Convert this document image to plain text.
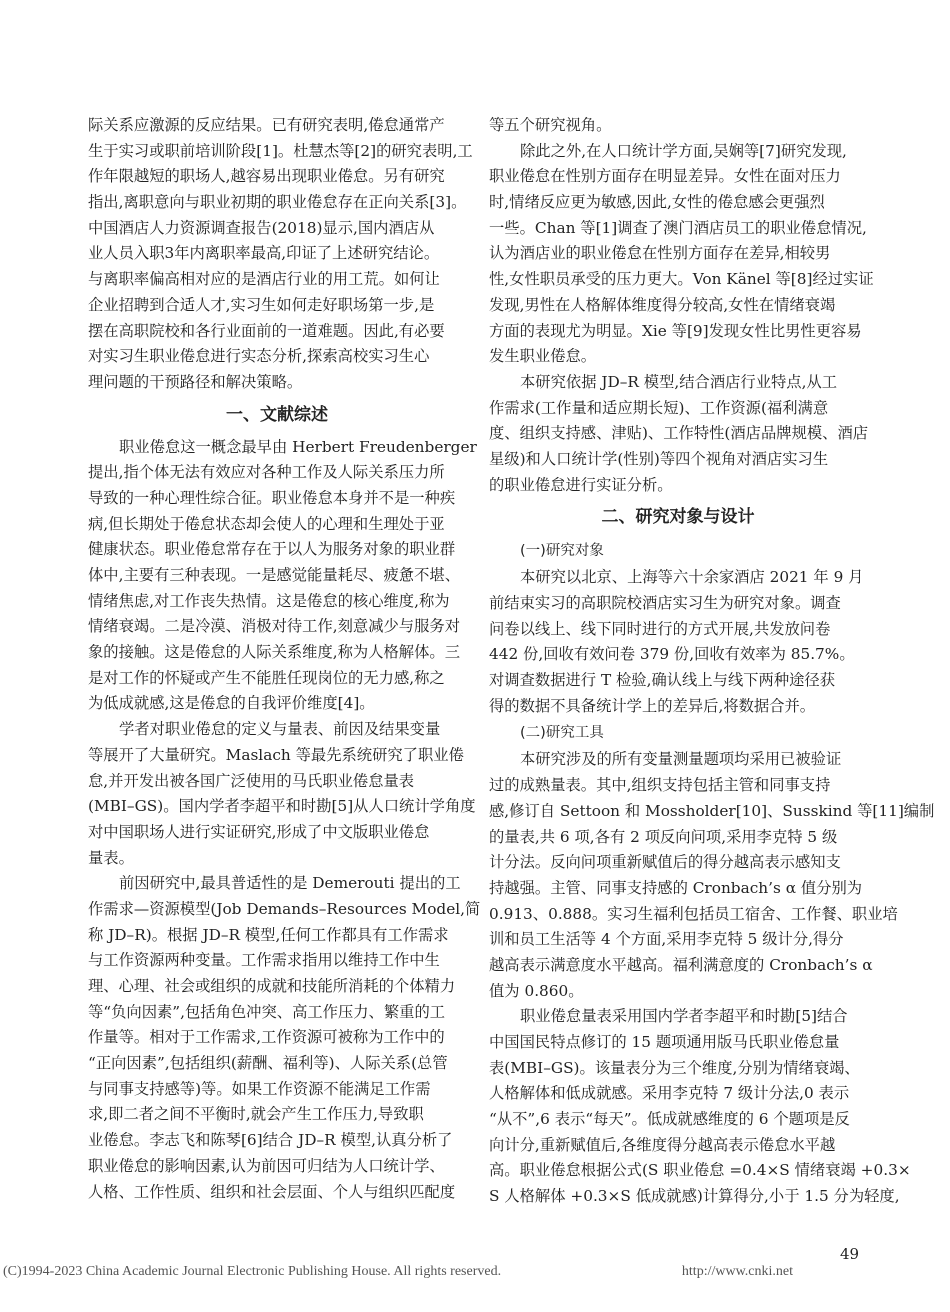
际关系应激源的反应结果。已有研究表明,倦怠通常产
生于实习或职前培训阶段[1]。杜慧杰等[2]的研究表明,工
作年限越短的职场人,越容易出现职业倦怠。另有研究
指出,离职意向与职业初期的职业倦怠存在正向关系[3]。
中国酒店人力资源调查报告(2018)显示,国内酒店从
业人员入职3年内离职率最高,印证了上述研究结论。
与离职率偏高相对应的是酒店行业的用工荒。如何让
企业招聘到合适人才,实习生如何走好职场第一步,是
摆在高职院校和各行业面前的一道难题。因此,有必要
对实习生职业倦怠进行实态分析,探索高校实习生心
理问题的干预路径和解决策略。
一、文献综述
职业倦怠这一概念最早由 Herbert Freudenberger
提出,指个体无法有效应对各种工作及人际关系压力所
导致的一种心理性综合征。职业倦怠本身并不是一种疾
病,但长期处于倦怠状态却会使人的心理和生理处于亚
健康状态。职业倦怠常存在于以人为服务对象的职业群
体中,主要有三种表现。一是感觉能量耗尽、疲惫不堪、
情绪焦虑,对工作丧失热情。这是倦怠的核心维度,称为
情绪衰竭。二是冷漠、消极对待工作,刻意减少与服务对
象的接触。这是倦怠的人际关系维度,称为人格解体。三
是对工作的怀疑或产生不能胜任现岗位的无力感,称之
为低成就感,这是倦怠的自我评价维度[4]。
学者对职业倦怠的定义与量表、前因及结果变量
等展开了大量研究。Maslach 等最先系统研究了职业倦
怠,并开发出被各国广泛使用的马氏职业倦怠量表
(MBI–GS)。国内学者李超平和时勘[5]从人口统计学角度
对中国职场人进行实证研究,形成了中文版职业倦怠
量表。
前因研究中,最具普适性的是 Demerouti 提出的工
作需求—资源模型(Job Demands–Resources Model,简
称 JD–R)。根据 JD–R 模型,任何工作都具有工作需求
与工作资源两种变量。工作需求指用以维持工作中生
理、心理、社会或组织的成就和技能所消耗的个体精力
等“负向因素”,包括角色冲突、高工作压力、繁重的工
作量等。相对于工作需求,工作资源可被称为工作中的
“正向因素”,包括组织(薪酬、福利等)、人际关系(总管
与同事支持感等)等。如果工作资源不能满足工作需
求,即二者之间不平衡时,就会产生工作压力,导致职
业倦怠。李志飞和陈琴[6]结合 JD–R 模型,认真分析了
职业倦怠的影响因素,认为前因可归结为人口统计学、
人格、工作性质、组织和社会层面、个人与组织匹配度
等五个研究视角。
除此之外,在人口统计学方面,吴娴等[7]研究发现,
职业倦怠在性别方面存在明显差异。女性在面对压力
时,情绪反应更为敏感,因此,女性的倦怠感会更强烈
一些。Chan 等[1]调查了澳门酒店员工的职业倦怠情况,
认为酒店业的职业倦怠在性别方面存在差异,相较男
性,女性职员承受的压力更大。Von Känel 等[8]经过实证
发现,男性在人格解体维度得分较高,女性在情绪衰竭
方面的表现尤为明显。Xie 等[9]发现女性比男性更容易
发生职业倦怠。
本研究依据 JD–R 模型,结合酒店行业特点,从工
作需求(工作量和适应期长短)、工作资源(福利满意
度、组织支持感、津贴)、工作特性(酒店品牌规模、酒店
星级)和人口统计学(性别)等四个视角对酒店实习生
的职业倦怠进行实证分析。
二、研究对象与设计
(一)研究对象
本研究以北京、上海等六十余家酒店 2021 年 9 月
前结束实习的高职院校酒店实习生为研究对象。调查
问卷以线上、线下同时进行的方式开展,共发放问卷
442 份,回收有效问卷 379 份,回收有效率为 85.7%。
对调查数据进行 T 检验,确认线上与线下两种途径获
得的数据不具备统计学上的差异后,将数据合并。
(二)研究工具
本研究涉及的所有变量测量题项均采用已被验证
过的成熟量表。其中,组织支持包括主管和同事支持
感,修订自 Settoon 和 Mossholder[10]、Susskind 等[11]编制
的量表,共 6 项,各有 2 项反向问项,采用李克特 5 级
计分法。反向问项重新赋值后的得分越高表示感知支
持越强。主管、同事支持感的 Cronbach’s α 值分别为
0.913、0.888。实习生福利包括员工宿舍、工作餐、职业培
训和员工生活等 4 个方面,采用李克特 5 级计分,得分
越高表示满意度水平越高。福利满意度的 Cronbach’s α
值为 0.860。
职业倦怠量表采用国内学者李超平和时勘[5]结合
中国国民特点修订的 15 题项通用版马氏职业倦怠量
表(MBI–GS)。该量表分为三个维度,分别为情绪衰竭、
人格解体和低成就感。采用李克特 7 级计分法,0 表示
“从不”,6 表示“每天”。低成就感维度的 6 个题项是反
向计分,重新赋值后,各维度得分越高表示倦怠水平越
高。职业倦怠根据公式(S 职业倦怠 =0.4×S 情绪衰竭 +0.3×
S 人格解体 +0.3×S 低成就感)计算得分,小于 1.5 分为轻度,
49
(C)1994-2023 China Academic Journal Electronic Publishing House. All rights reserved.	http://www.cnki.net
